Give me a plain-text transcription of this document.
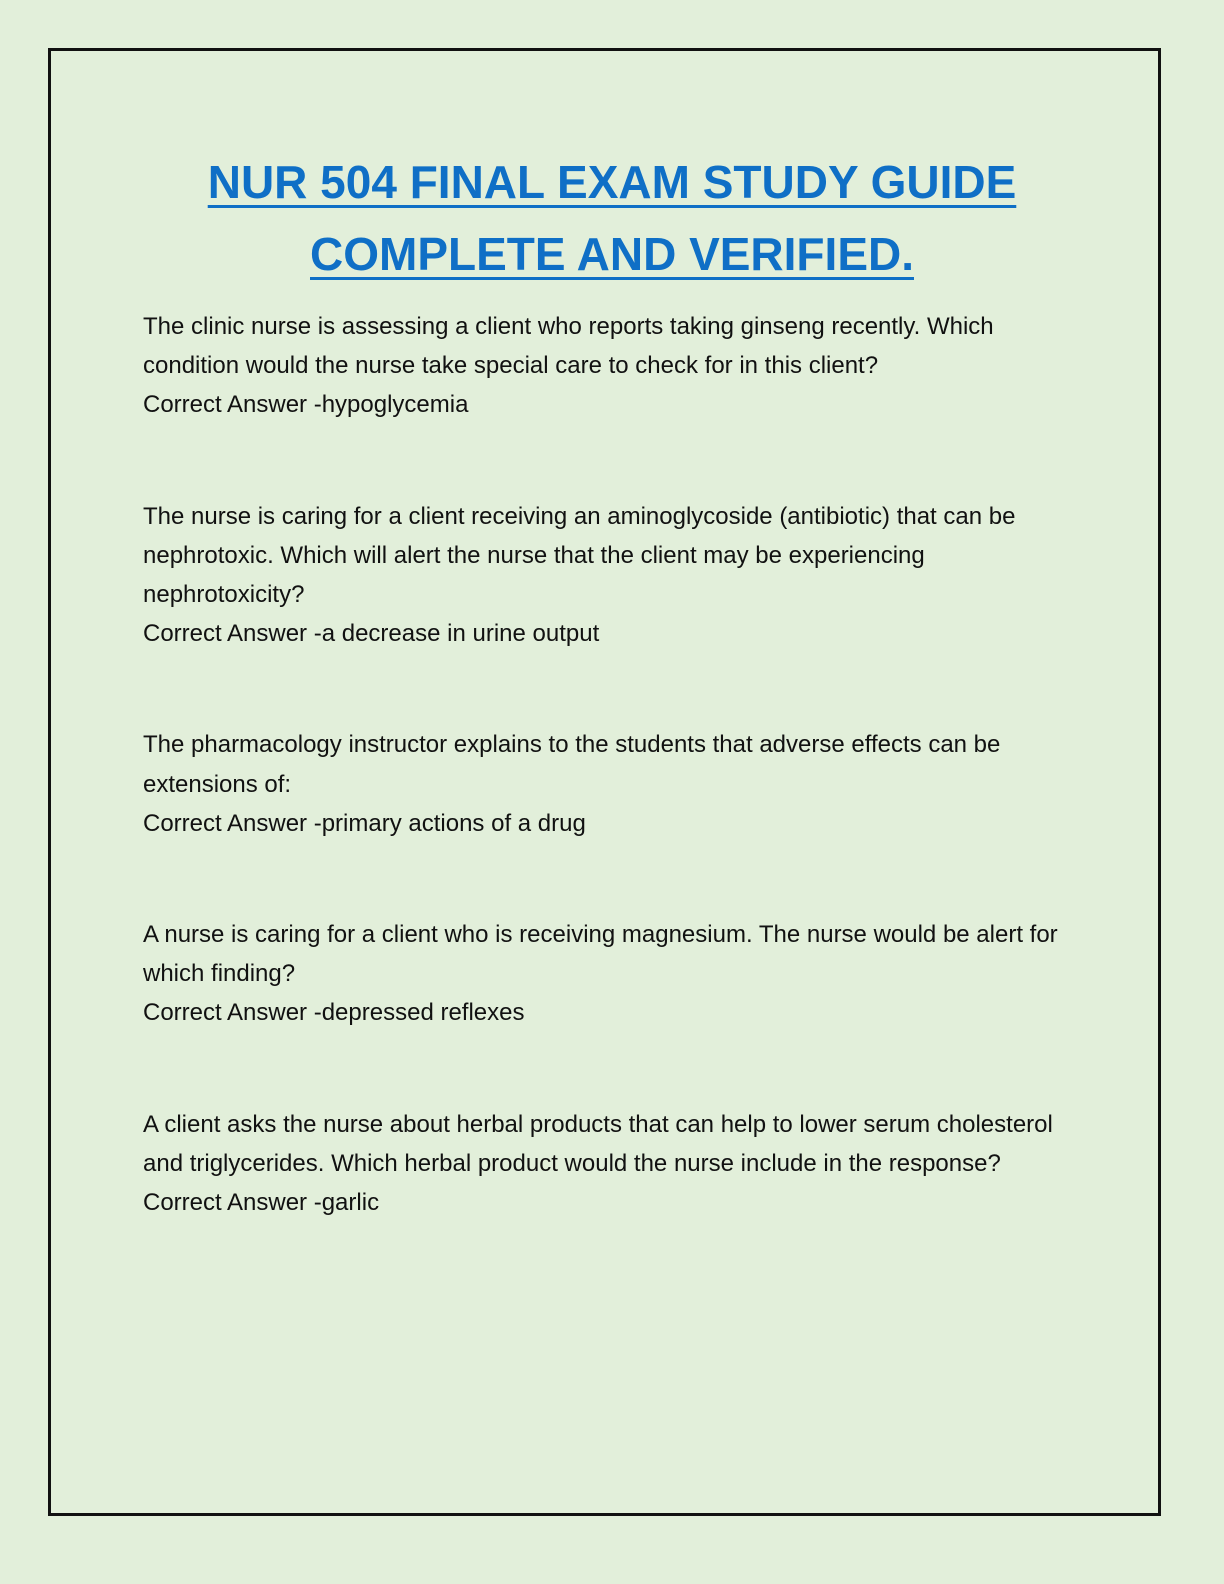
NUR 504 FINAL EXAM STUDY GUIDE
COMPLETE AND VERIFIED.

The clinic nurse is assessing a client who reports taking ginseng recently. Which condition would the nurse take special care to check for in this client?

Correct Answer -hypoglycemia

The nurse is caring for a client receiving an aminoglycoside (antibiotic) that can be nephrotoxic. Which will alert the nurse that the client may be experiencing nephrotoxicity?

Correct Answer -a decrease in urine output

The pharmacology instructor explains to the students that adverse effects can be extensions of:

Correct Answer -primary actions of a drug

A nurse is caring for a client who is receiving magnesium. The nurse would be alert for which finding?

Correct Answer -depressed reflexes

A client asks the nurse about herbal products that can help to lower serum cholesterol and triglycerides. Which herbal product would the nurse include in the response?

Correct Answer -garlic
